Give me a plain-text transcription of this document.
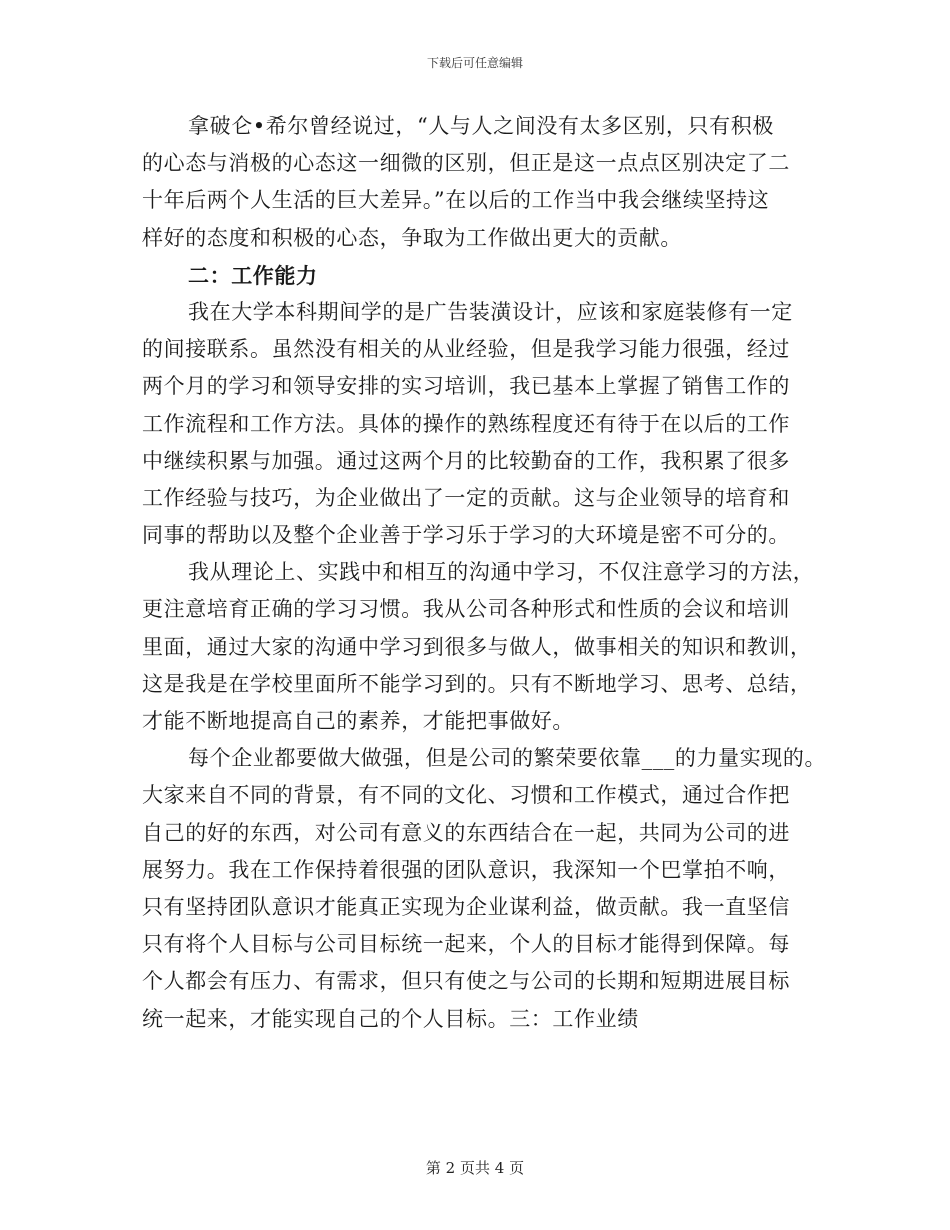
下载后可任意编辑
拿破仑•希尔曾经说过，“人与人之间没有太多区别，只有积极
的心态与消极的心态这一细微的区别，但正是这一点点区别决定了二
十年后两个人生活的巨大差异。”在以后的工作当中我会继续坚持这
样好的态度和积极的心态，争取为工作做出更大的贡献。
二：工作能力
我在大学本科期间学的是广告装潢设计，应该和家庭装修有一定
的间接联系。虽然没有相关的从业经验，但是我学习能力很强，经过
两个月的学习和领导安排的实习培训，我已基本上掌握了销售工作的
工作流程和工作方法。具体的操作的熟练程度还有待于在以后的工作
中继续积累与加强。通过这两个月的比较勤奋的工作，我积累了很多
工作经验与技巧，为企业做出了一定的贡献。这与企业领导的培育和
同事的帮助以及整个企业善于学习乐于学习的大环境是密不可分的。
我从理论上、实践中和相互的沟通中学习，不仅注意学习的方法，
更注意培育正确的学习习惯。我从公司各种形式和性质的会议和培训
里面，通过大家的沟通中学习到很多与做人，做事相关的知识和教训，
这是我是在学校里面所不能学习到的。只有不断地学习、思考、总结，
才能不断地提高自己的素养，才能把事做好。
每个企业都要做大做强，但是公司的繁荣要依靠___的力量实现的。
大家来自不同的背景，有不同的文化、习惯和工作模式，通过合作把
自己的好的东西，对公司有意义的东西结合在一起，共同为公司的进
展努力。我在工作保持着很强的团队意识，我深知一个巴掌拍不响，
只有坚持团队意识才能真正实现为企业谋利益，做贡献。我一直坚信
只有将个人目标与公司目标统一起来，个人的目标才能得到保障。每
个人都会有压力、有需求，但只有使之与公司的长期和短期进展目标
统一起来，才能实现自己的个人目标。三：工作业绩
第 2 页共 4 页
